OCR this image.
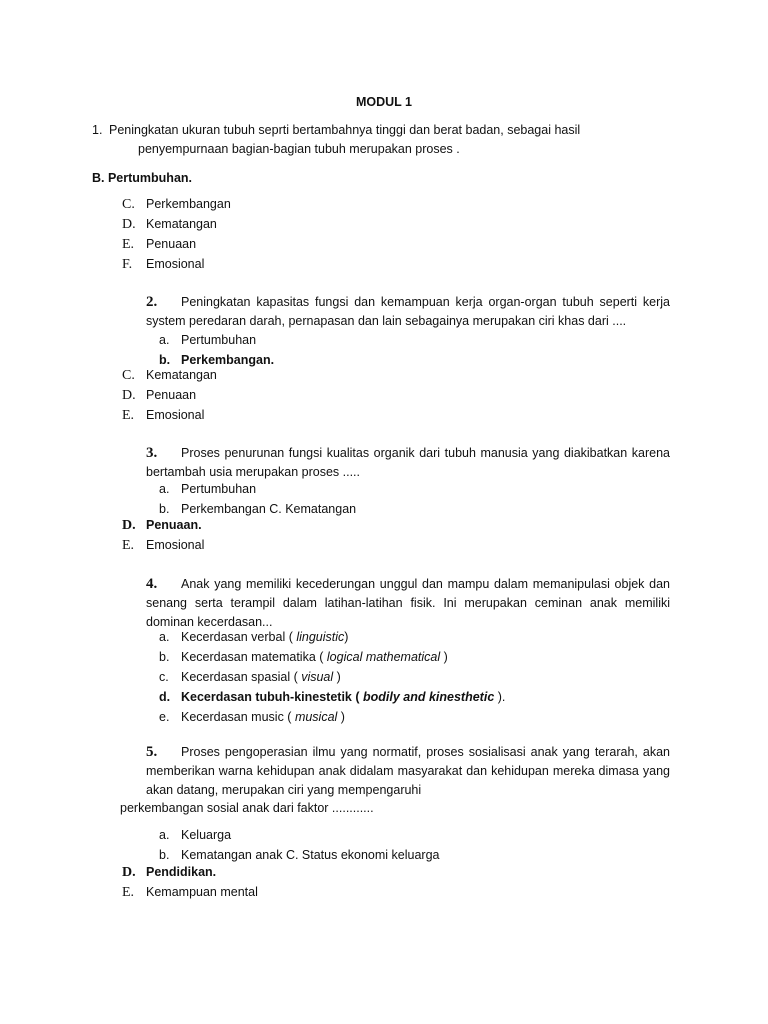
MODUL 1
1. Peningkatan ukuran tubuh seprti bertambahnya tinggi dan berat badan, sebagai hasil
penyempurnaan bagian-bagian tubuh merupakan proses .
B. Pertumbuhan.
C. Perkembangan
D. Kematangan
E. Penuaan
F. Emosional
2. Peningkatan kapasitas fungsi dan kemampuan kerja organ-organ tubuh seperti kerja system peredaran darah, pernapasan dan lain sebagainya merupakan ciri khas dari ....
a. Pertumbuhan
b. Perkembangan.
C. Kematangan
D. Penuaan
E. Emosional
3. Proses penurunan fungsi kualitas organik dari tubuh manusia yang diakibatkan karena bertambah usia merupakan proses .....
a. Pertumbuhan
b. Perkembangan C. Kematangan
D. Penuaan.
E. Emosional
4. Anak yang memiliki kecederungan unggul dan mampu dalam memanipulasi objek dan senang serta terampil dalam latihan-latihan fisik. Ini merupakan ceminan anak memiliki dominan kecerdasan...
a. Kecerdasan verbal ( linguistic)
b. Kecerdasan matematika ( logical mathematical )
c. Kecerdasan spasial ( visual )
d. Kecerdasan tubuh-kinestetik ( bodily and kinesthetic ).
e. Kecerdasan music ( musical )
5. Proses pengoperasian ilmu yang normatif, proses sosialisasi anak yang terarah, akan memberikan warna kehidupan anak didalam masyarakat dan kehidupan mereka dimasa yang akan datang, merupakan ciri yang mempengaruhi
perkembangan sosial anak dari faktor ............
a. Keluarga
b. Kematangan anak C. Status ekonomi keluarga
D. Pendidikan.
E. Kemampuan mental
